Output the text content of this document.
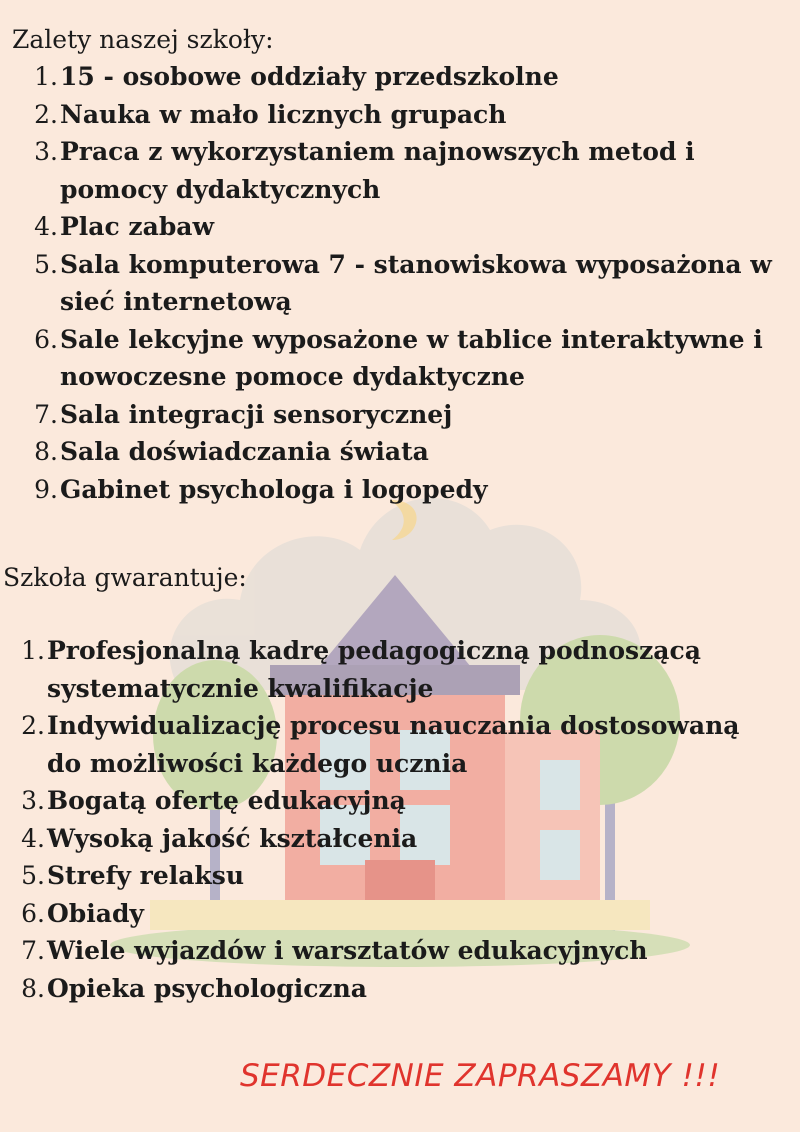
Zalety naszej szkoły:
1. 15 - osobowe oddziały przedszkolne
2. Nauka w mało licznych grupach
3. Praca z wykorzystaniem najnowszych metod i
pomocy dydaktycznych
4. Plac zabaw
5. Sala komputerowa 7 - stanowiskowa wyposażona w
sieć internetową
6. Sale lekcyjne wyposażone w tablice interaktywne i
nowoczesne pomoce dydaktyczne
7. Sala integracji sensorycznej
8. Sala doświadczania świata
9. Gabinet psychologa i logopedy
Szkoła gwarantuje:
1. Profesjonalną kadrę pedagogiczną podnoszącą
systematycznie kwalifikacje
2. Indywidualizację procesu nauczania dostosowaną
do możliwości każdego ucznia
3. Bogatą ofertę edukacyjną
4. Wysoką jakość kształcenia
5. Strefy relaksu
6. Obiady
7. Wiele wyjazdów i warsztatów edukacyjnych
8. Opieka psychologiczna
SERDECZNIE ZAPRASZAMY !!!
